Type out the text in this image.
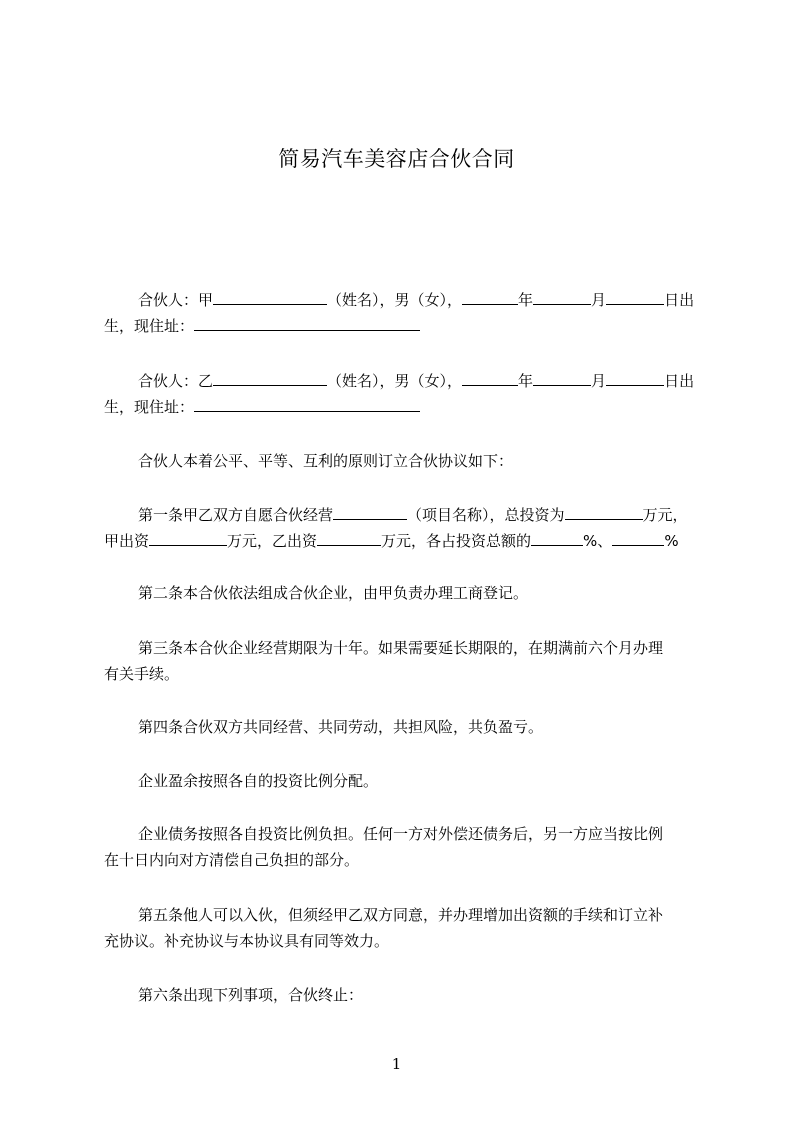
简易汽车美容店合伙合同
合伙人：甲	（姓名），男（女），	年	月	日出
生，现住址：
合伙人：乙	（姓名），男（女），	年	月	日出
生，现住址：
合伙人本着公平、平等、互利的原则订立合伙协议如下：
第一条甲乙双方自愿合伙经营	（项目名称），总投资为	万元，
甲出资	万元，乙出资	万元，各占投资总额的	%、	%
第二条本合伙依法组成合伙企业，由甲负责办理工商登记。
第三条本合伙企业经营期限为十年。如果需要延长期限的，在期满前六个月办理
有关手续。
第四条合伙双方共同经营、共同劳动，共担风险，共负盈亏。
企业盈余按照各自的投资比例分配。
企业债务按照各自投资比例负担。任何一方对外偿还债务后，另一方应当按比例
在十日内向对方清偿自己负担的部分。
第五条他人可以入伙，但须经甲乙双方同意，并办理增加出资额的手续和订立补
充协议。补充协议与本协议具有同等效力。
第六条出现下列事项，合伙终止：
1
